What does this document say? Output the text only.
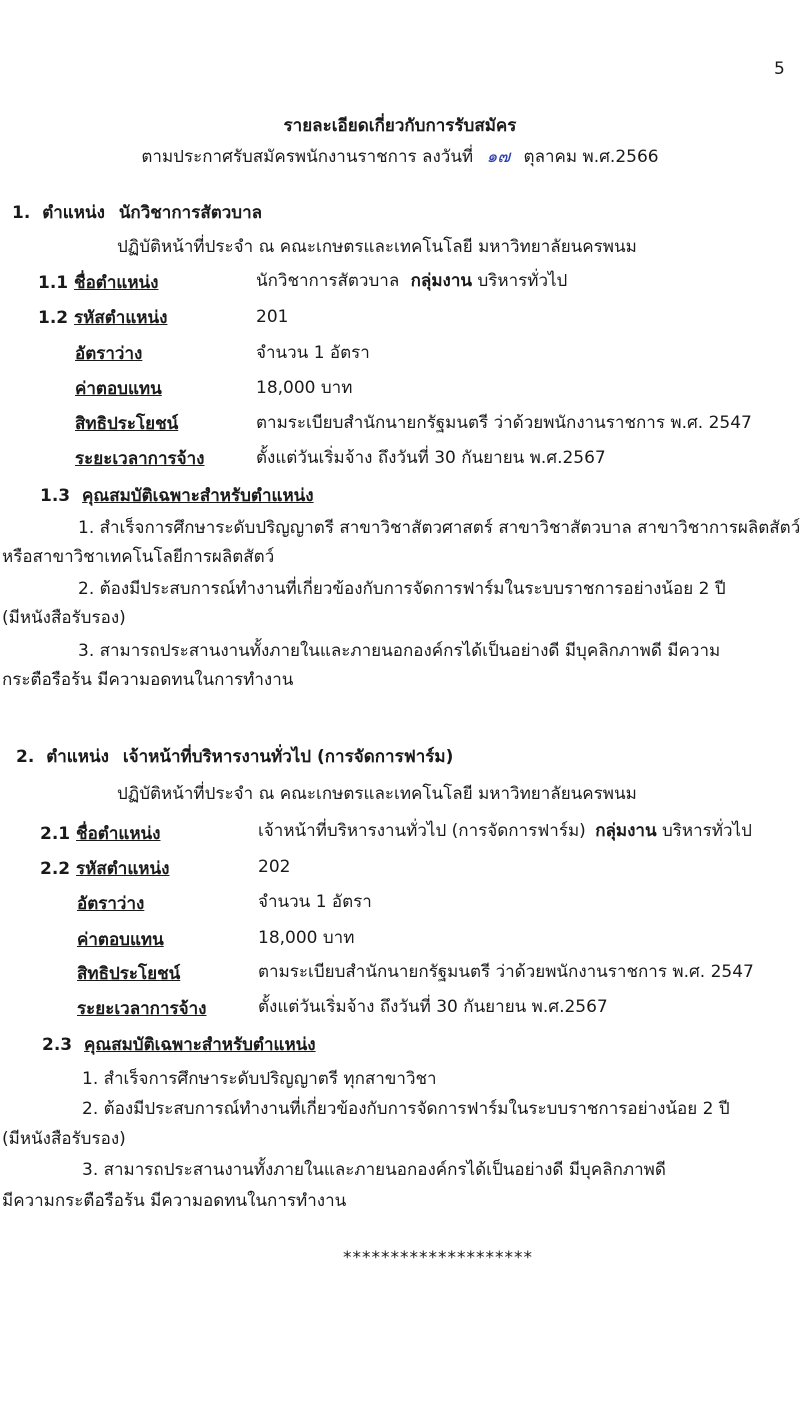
5
รายละเอียดเกี่ยวกับการรับสมัคร
ตามประกาศรับสมัครพนักงานราชการ ลงวันที่ ๑๗ ตุลาคม พ.ศ.2566
1. ตำแหน่ง นักวิชาการสัตวบาล
ปฏิบัติหน้าที่ประจำ ณ คณะเกษตรและเทคโนโลยี มหาวิทยาลัยนครพนม
1.1 ชื่อตำแหน่ง	นักวิชาการสัตวบาล กลุ่มงาน บริหารทั่วไป
1.2 รหัสตำแหน่ง	201
อัตราว่าง	จำนวน 1 อัตรา
ค่าตอบแทน	18,000 บาท
สิทธิประโยชน์	ตามระเบียบสำนักนายกรัฐมนตรี ว่าด้วยพนักงานราชการ พ.ศ. 2547
ระยะเวลาการจ้าง	ตั้งแต่วันเริ่มจ้าง ถึงวันที่ 30 กันยายน พ.ศ.2567
1.3 คุณสมบัติเฉพาะสำหรับตำแหน่ง
1. สำเร็จการศึกษาระดับปริญญาตรี สาขาวิชาสัตวศาสตร์ สาขาวิชาสัตวบาล สาขาวิชาการผลิตสัตว์
หรือสาขาวิชาเทคโนโลยีการผลิตสัตว์
2. ต้องมีประสบการณ์ทำงานที่เกี่ยวข้องกับการจัดการฟาร์มในระบบราชการอย่างน้อย 2 ปี
(มีหนังสือรับรอง)
3. สามารถประสานงานทั้งภายในและภายนอกองค์กรได้เป็นอย่างดี มีบุคลิกภาพดี มีความ
กระตือรือร้น มีความอดทนในการทำงาน
2. ตำแหน่ง เจ้าหน้าที่บริหารงานทั่วไป (การจัดการฟาร์ม)
ปฏิบัติหน้าที่ประจำ ณ คณะเกษตรและเทคโนโลยี มหาวิทยาลัยนครพนม
2.1 ชื่อตำแหน่ง	เจ้าหน้าที่บริหารงานทั่วไป (การจัดการฟาร์ม) กลุ่มงาน บริหารทั่วไป
2.2 รหัสตำแหน่ง	202
อัตราว่าง	จำนวน 1 อัตรา
ค่าตอบแทน	18,000 บาท
สิทธิประโยชน์	ตามระเบียบสำนักนายกรัฐมนตรี ว่าด้วยพนักงานราชการ พ.ศ. 2547
ระยะเวลาการจ้าง	ตั้งแต่วันเริ่มจ้าง ถึงวันที่ 30 กันยายน พ.ศ.2567
2.3 คุณสมบัติเฉพาะสำหรับตำแหน่ง
1. สำเร็จการศึกษาระดับปริญญาตรี ทุกสาขาวิชา
2. ต้องมีประสบการณ์ทำงานที่เกี่ยวข้องกับการจัดการฟาร์มในระบบราชการอย่างน้อย 2 ปี
(มีหนังสือรับรอง)
3. สามารถประสานงานทั้งภายในและภายนอกองค์กรได้เป็นอย่างดี มีบุคลิกภาพดี
มีความกระตือรือร้น มีความอดทนในการทำงาน
********************
